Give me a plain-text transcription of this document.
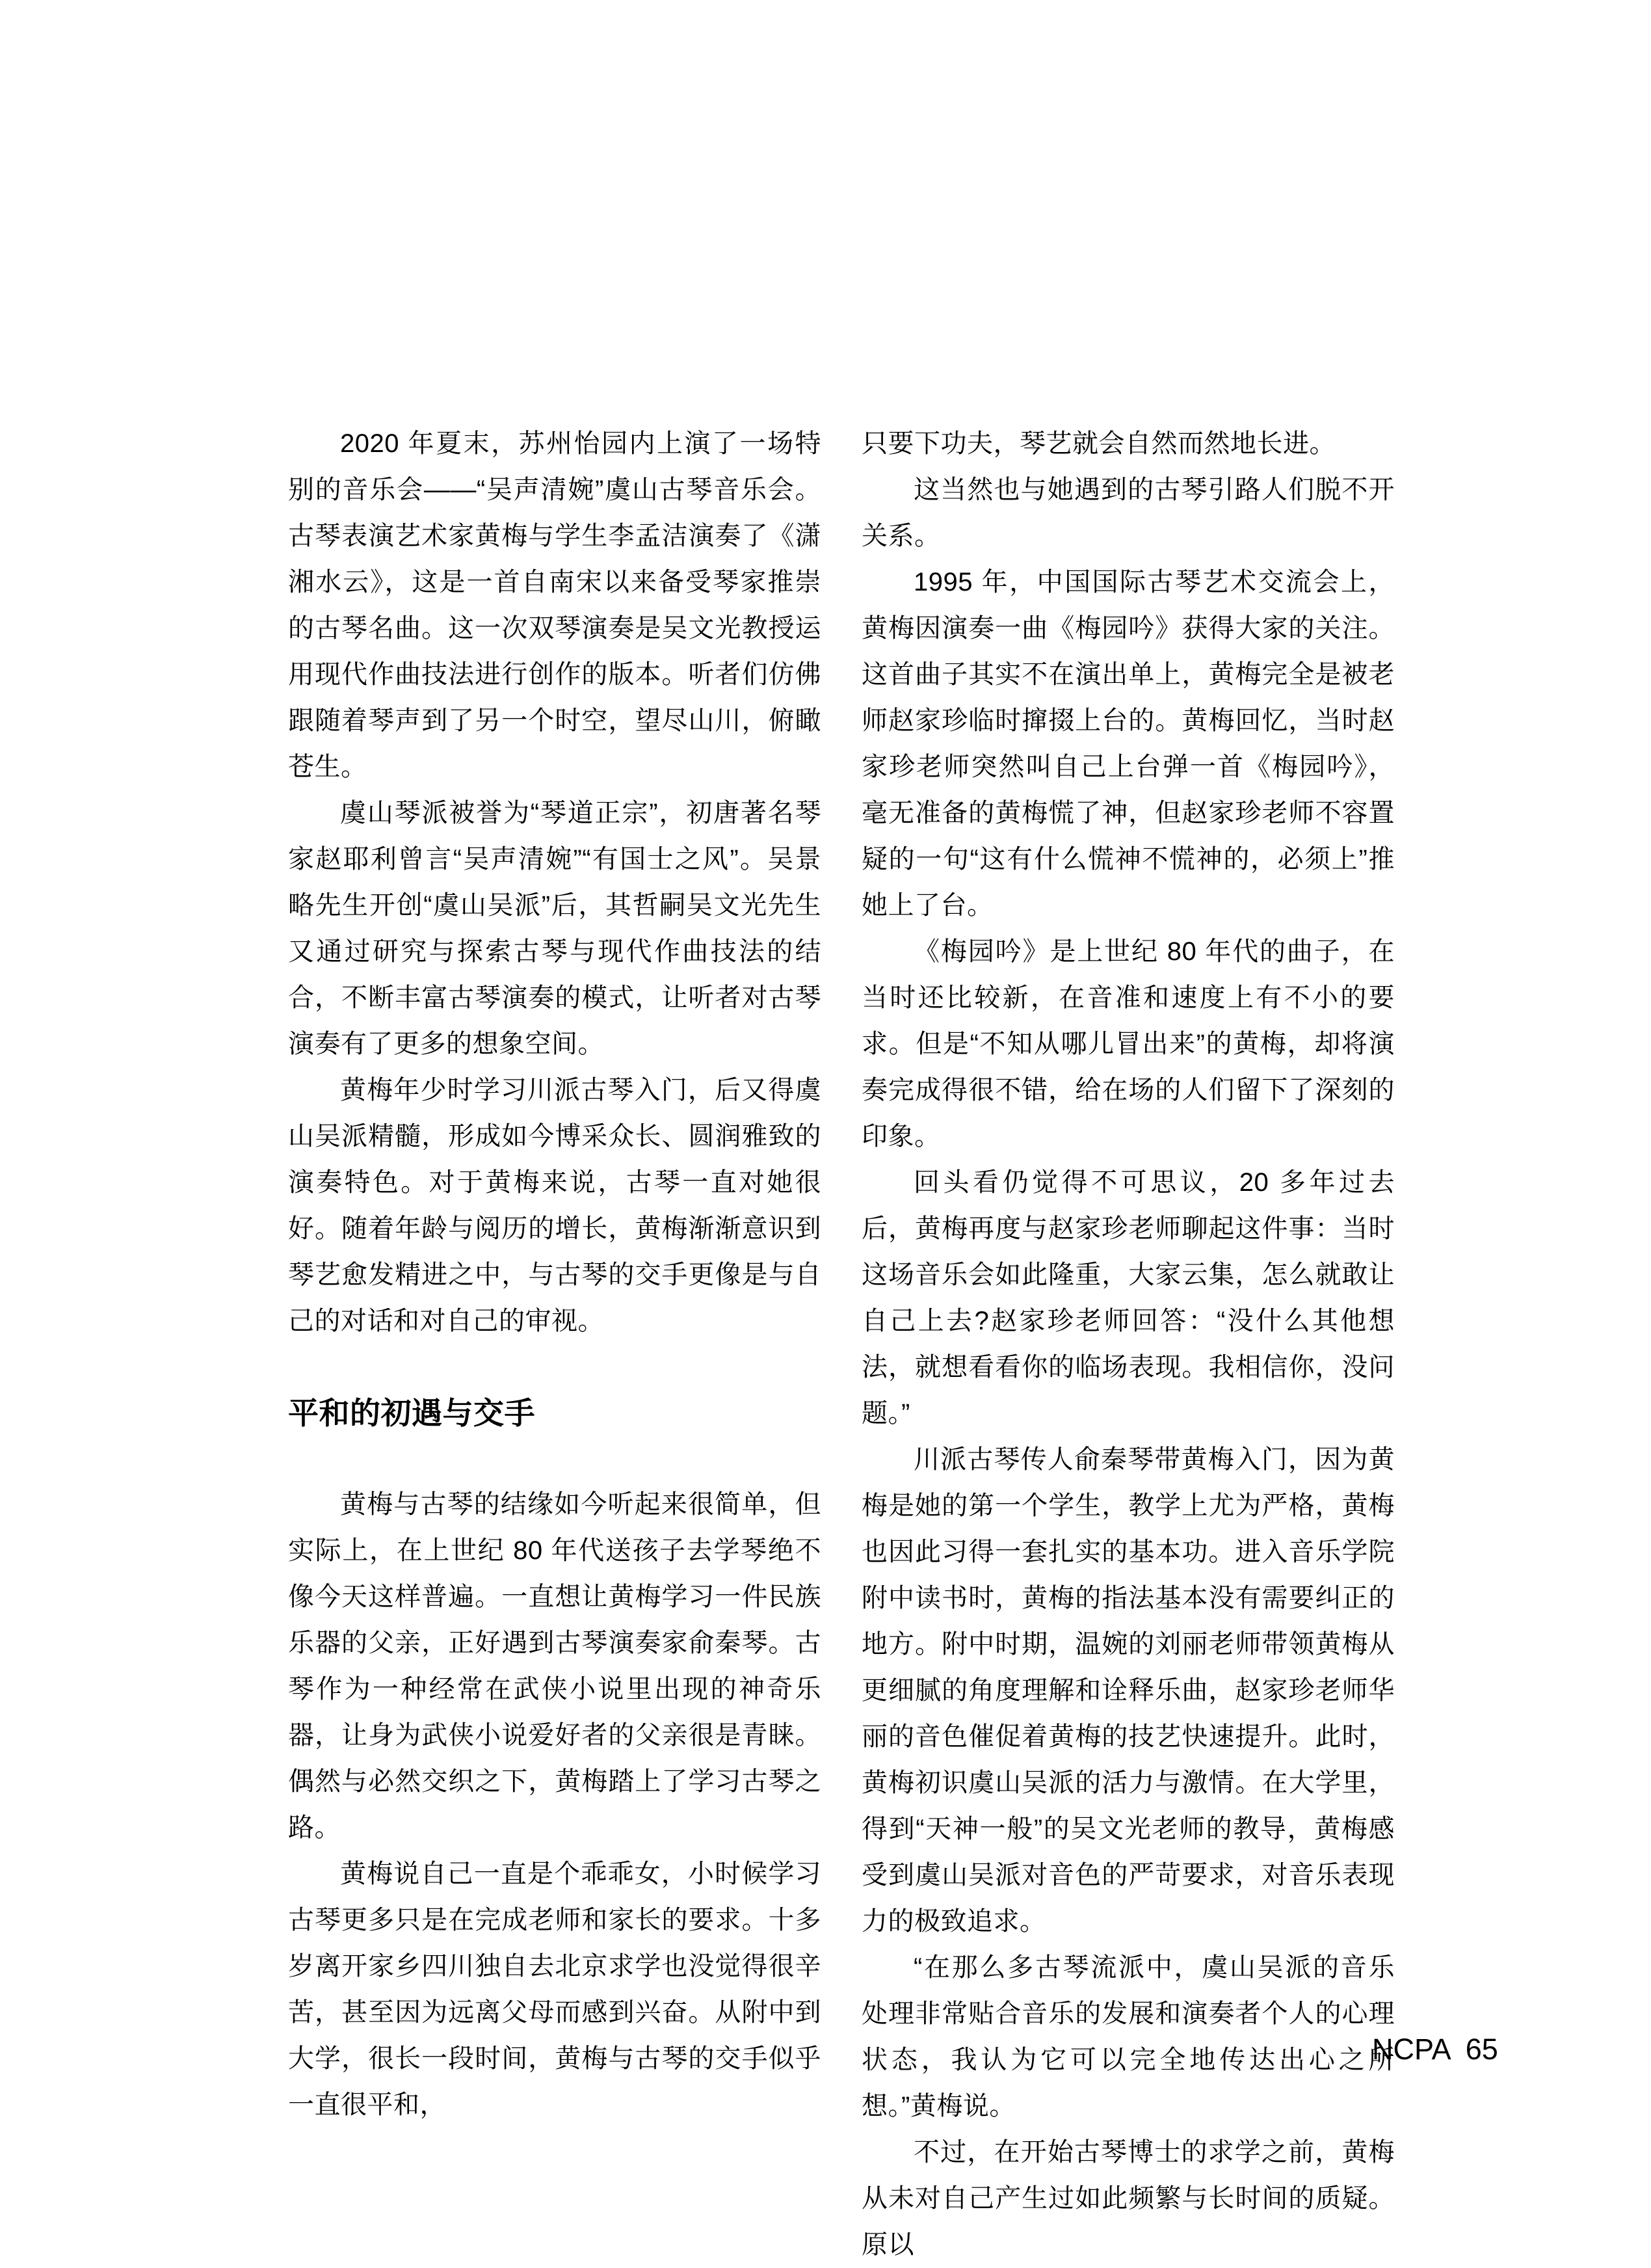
2020 年夏末，苏州怡园内上演了一场特别的音乐会——“吴声清婉”虞山古琴音乐会。古琴表演艺术家黄梅与学生李孟洁演奏了《潇湘水云》，这是一首自南宋以来备受琴家推崇的古琴名曲。这一次双琴演奏是吴文光教授运用现代作曲技法进行创作的版本。听者们仿佛跟随着琴声到了另一个时空，望尽山川，俯瞰苍生。

虞山琴派被誉为“琴道正宗”，初唐著名琴家赵耶利曾言“吴声清婉”“有国士之风”。吴景略先生开创“虞山吴派”后，其哲嗣吴文光先生又通过研究与探索古琴与现代作曲技法的结合，不断丰富古琴演奏的模式，让听者对古琴演奏有了更多的想象空间。

黄梅年少时学习川派古琴入门，后又得虞山吴派精髓，形成如今博采众长、圆润雅致的演奏特色。对于黄梅来说，古琴一直对她很好。随着年龄与阅历的增长，黄梅渐渐意识到琴艺愈发精进之中，与古琴的交手更像是与自己的对话和对自己的审视。

平和的初遇与交手

黄梅与古琴的结缘如今听起来很简单，但实际上，在上世纪 80 年代送孩子去学琴绝不像今天这样普遍。一直想让黄梅学习一件民族乐器的父亲，正好遇到古琴演奏家俞秦琴。古琴作为一种经常在武侠小说里出现的神奇乐器，让身为武侠小说爱好者的父亲很是青睐。偶然与必然交织之下，黄梅踏上了学习古琴之路。

黄梅说自己一直是个乖乖女，小时候学习古琴更多只是在完成老师和家长的要求。十多岁离开家乡四川独自去北京求学也没觉得很辛苦，甚至因为远离父母而感到兴奋。从附中到大学，很长一段时间，黄梅与古琴的交手似乎一直很平和，

只要下功夫，琴艺就会自然而然地长进。

这当然也与她遇到的古琴引路人们脱不开关系。

1995 年，中国国际古琴艺术交流会上，黄梅因演奏一曲《梅园吟》获得大家的关注。这首曲子其实不在演出单上，黄梅完全是被老师赵家珍临时撺掇上台的。黄梅回忆，当时赵家珍老师突然叫自己上台弹一首《梅园吟》，毫无准备的黄梅慌了神，但赵家珍老师不容置疑的一句“这有什么慌神不慌神的，必须上”推她上了台。

《梅园吟》是上世纪 80 年代的曲子，在当时还比较新，在音准和速度上有不小的要求。但是“不知从哪儿冒出来”的黄梅，却将演奏完成得很不错，给在场的人们留下了深刻的印象。

回头看仍觉得不可思议，20 多年过去后，黄梅再度与赵家珍老师聊起这件事：当时这场音乐会如此隆重，大家云集，怎么就敢让自己上去?赵家珍老师回答：“没什么其他想法，就想看看你的临场表现。我相信你，没问题。”

川派古琴传人俞秦琴带黄梅入门，因为黄梅是她的第一个学生，教学上尤为严格，黄梅也因此习得一套扎实的基本功。进入音乐学院附中读书时，黄梅的指法基本没有需要纠正的地方。附中时期，温婉的刘丽老师带领黄梅从更细腻的角度理解和诠释乐曲，赵家珍老师华丽的音色催促着黄梅的技艺快速提升。此时，黄梅初识虞山吴派的活力与激情。在大学里，得到“天神一般”的吴文光老师的教导，黄梅感受到虞山吴派对音色的严苛要求，对音乐表现力的极致追求。

“在那么多古琴流派中，虞山吴派的音乐处理非常贴合音乐的发展和演奏者个人的心理状态，我认为它可以完全地传达出心之所想。”黄梅说。

不过，在开始古琴博士的求学之前，黄梅从未对自己产生过如此频繁与长时间的质疑。原以

NCPA 65
